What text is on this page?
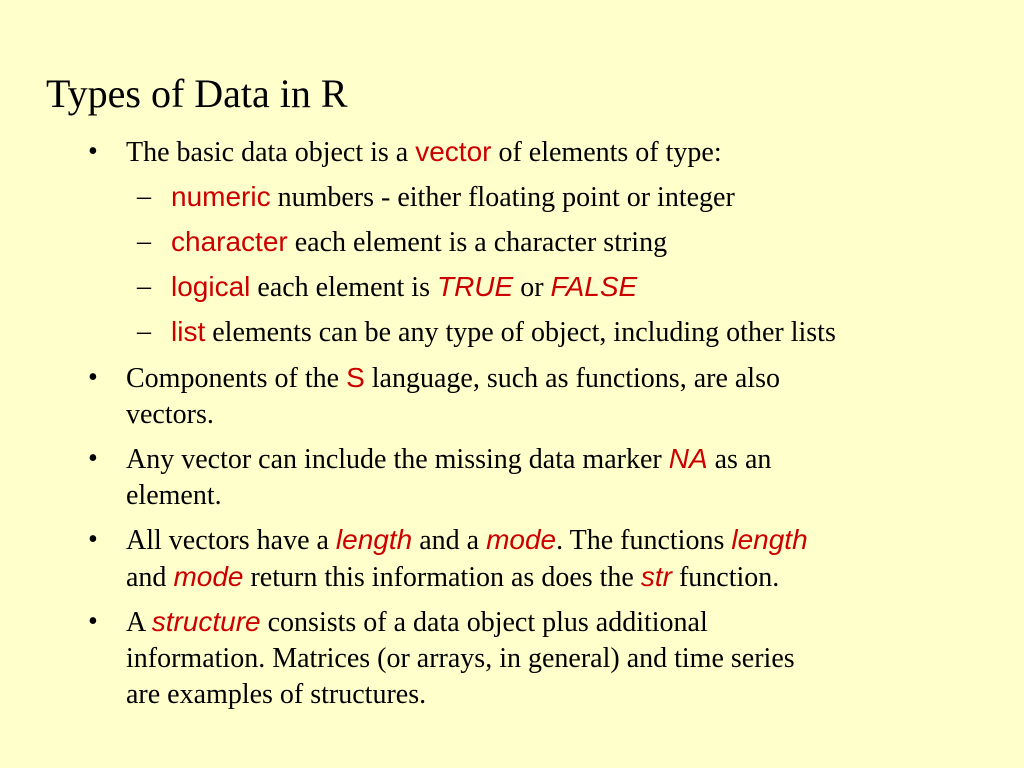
Types of Data in R
• The basic data object is a vector of elements of type:
– numeric numbers - either floating point or integer
– character each element is a character string
– logical each element is TRUE or FALSE
– list elements can be any type of object, including other lists
• Components of the S language, such as functions, are also
vectors.
• Any vector can include the missing data marker NA as an
element.
• All vectors have a length and a mode. The functions length
and mode return this information as does the str function.
• A structure consists of a data object plus additional
information. Matrices (or arrays, in general) and time series
are examples of structures.
